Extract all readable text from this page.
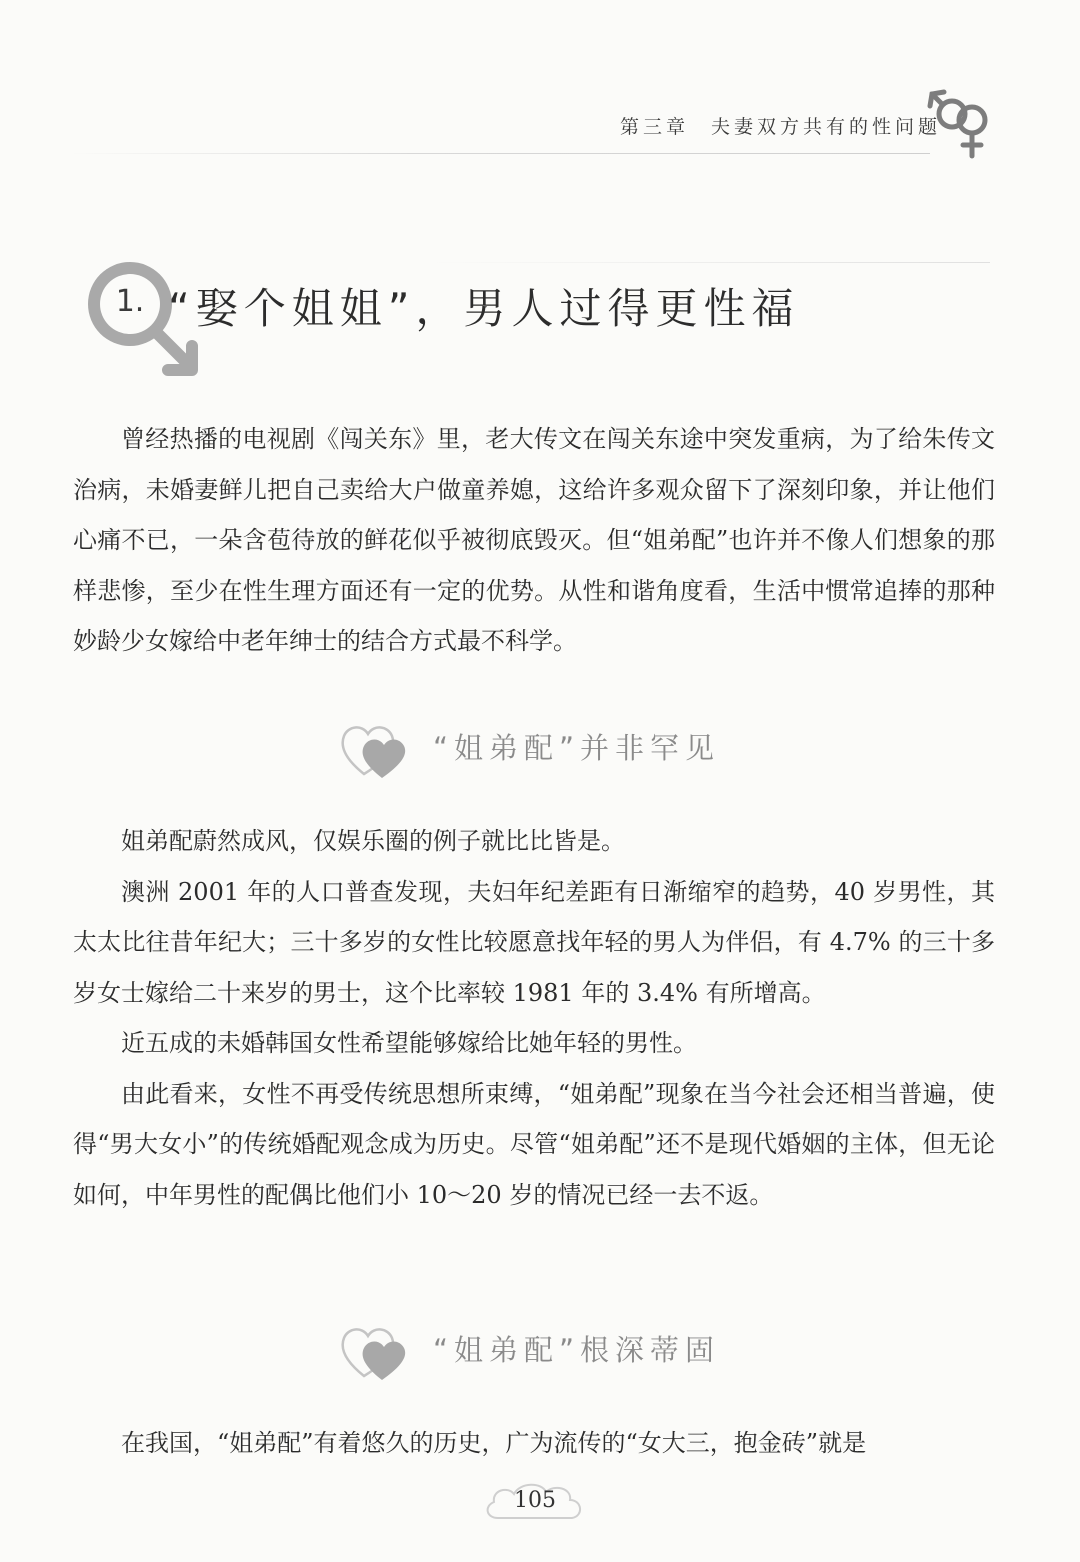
第三章 夫妻双方共有的性问题
1. “娶个姐姐”，男人过得更性福

曾经热播的电视剧《闯关东》里，老大传文在闯关东途中突发重病，为了给朱传文治病，未婚妻鲜儿把自己卖给大户做童养媳，这给许多观众留下了深刻印象，并让他们心痛不已，一朵含苞待放的鲜花似乎被彻底毁灭。但“姐弟配”也许并不像人们想象的那样悲惨，至少在性生理方面还有一定的优势。从性和谐角度看，生活中惯常追捧的那种妙龄少女嫁给中老年绅士的结合方式最不科学。

“姐弟配”并非罕见

姐弟配蔚然成风，仅娱乐圈的例子就比比皆是。

澳洲 2001 年的人口普查发现，夫妇年纪差距有日渐缩窄的趋势，40 岁男性，其太太比往昔年纪大；三十多岁的女性比较愿意找年轻的男人为伴侣，有 4.7% 的三十多岁女士嫁给二十来岁的男士，这个比率较 1981 年的 3.4% 有所增高。

近五成的未婚韩国女性希望能够嫁给比她年轻的男性。

由此看来，女性不再受传统思想所束缚，“姐弟配”现象在当今社会还相当普遍，使得“男大女小”的传统婚配观念成为历史。尽管“姐弟配”还不是现代婚姻的主体，但无论如何，中年男性的配偶比他们小 10～20 岁的情况已经一去不返。

“姐弟配”根深蒂固

在我国，“姐弟配”有着悠久的历史，广为流传的“女大三，抱金砖”就是

105
